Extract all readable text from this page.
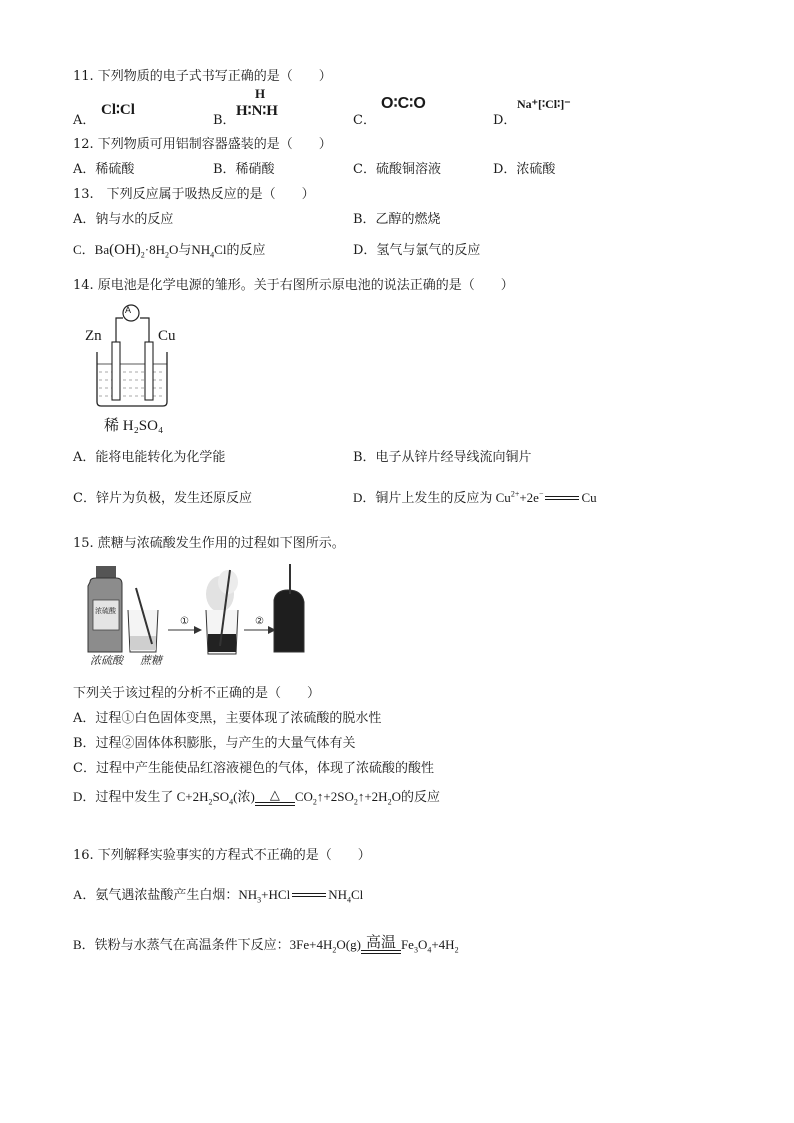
11. 下列物质的电子式书写正确的是（　　）
A．
Cl∶Cl
B．
H
H∶N∶H
C．
O∶C∶O
D．
Na⁺[∶Cl∶]⁻
12. 下列物质可用铝制容器盛装的是（　　）
A．稀硫酸	B．稀硝酸	C．硫酸铜溶液	D．浓硫酸
13.　下列反应属于吸热反应的是（　　）
A．钠与水的反应	B．乙醇的燃烧
C．$Ba(OH)_2\cdot 8H_2O$与$NH_4Cl$的反应	D．氢气与氯气的反应
14. 原电池是化学电源的雏形。关于右图所示原电池的说法正确的是（　　）
A
Zn	Cu
稀 H₂SO₄
A．能将电能转化为化学能	B．电子从锌片经导线流向铜片
C．锌片为负极，发生还原反应	D．铜片上发生的反应为 $Cu^{2+}+2e^-$	Cu
15. 蔗糖与浓硫酸发生作用的过程如下图所示。
浓硫酸
①	②
浓硫酸 蔗糖
下列关于该过程的分析不正确的是（　　）
A．过程①白色固体变黑，主要体现了浓硫酸的脱水性
B．过程②固体体积膨胀，与产生的大量气体有关
C．过程中产生能使品红溶液褪色的气体，体现了浓硫酸的酸性
D．过程中发生了 $C+2H_2SO_4$(浓)	△	$CO_2↑+2SO_2↑+2H_2O$的反应
16. 下列解释实验事实的方程式不正确的是（　　）
A．氨气遇浓盐酸产生白烟：$NH_3+HCl$	$NH_4Cl$
B．铁粉与水蒸气在高温条件下反应：$3Fe+4H_2O(g)$ 高温 $Fe_3O_4+4H_2$
